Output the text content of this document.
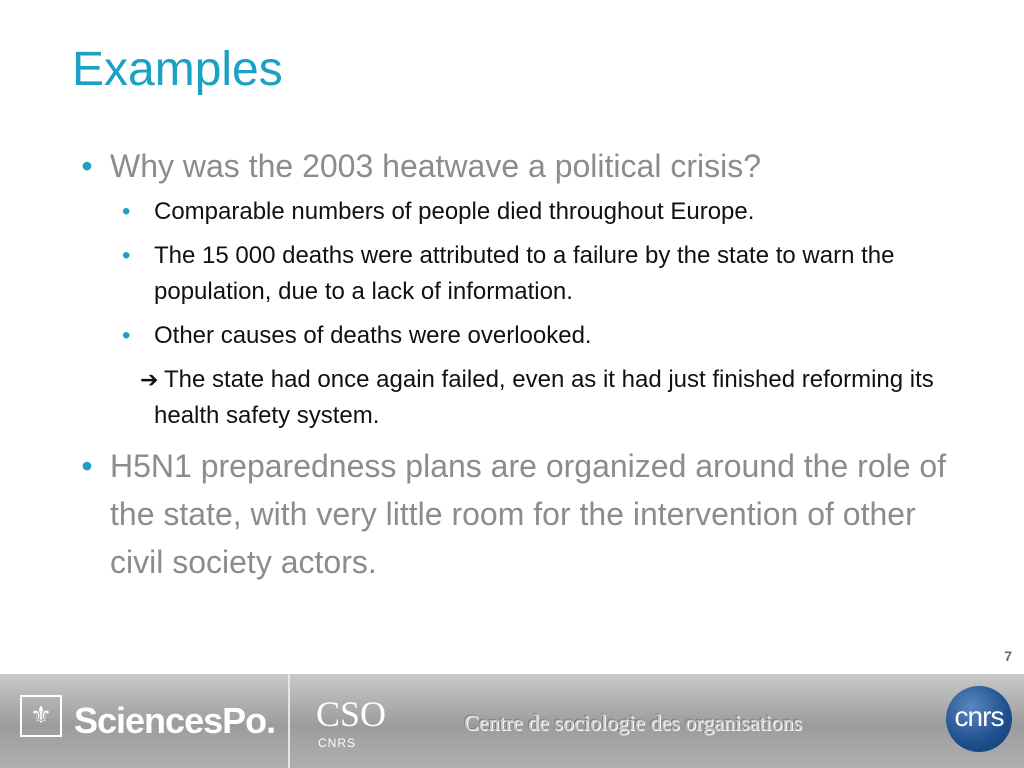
Examples
• Why was the 2003 heatwave a political crisis?
• Comparable numbers of people died throughout Europe.
• The 15 000 deaths were attributed to a failure by the state to warn the population, due to a lack of information.
• Other causes of deaths were overlooked.
➔ The state had once again failed, even as it had just finished reforming its health safety system.
• H5N1 preparedness plans are organized around the role of the state, with very little room for the intervention of other civil society actors.
7
⚜ SciencesPo. CSO
CNRS
Centre de sociologie des organisations	cnrs
